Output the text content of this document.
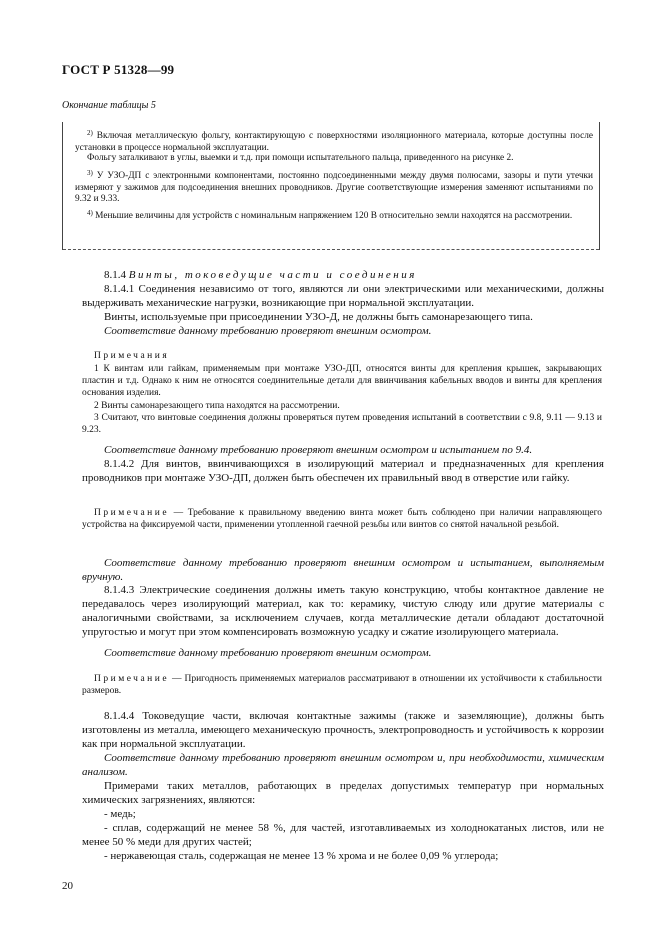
ГОСТ Р 51328—99
Окончание таблицы 5
$^{2)}$ Включая металлическую фольгу, контактирующую с поверхностями изоляционного материала, которые доступны после установки в процессе нормальной эксплуатации.
Фольгу заталкивают в углы, выемки и т.д. при помощи испытательного пальца, приведенного на рисунке 2.
$^{3)}$ У УЗО-ДП с электронными компонентами, постоянно подсоединенными между двумя полюсами, зазоры и пути утечки измеряют у зажимов для подсоединения внешних проводников. Другие соответствующие измерения заменяют испытаниями по 9.32 и 9.33.
$^{4)}$ Меньшие величины для устройств с номинальным напряжением 120 В относительно земли находятся на рассмотрении.
8.1.4 Винты, токоведущие части и соединения
8.1.4.1 Соединения независимо от того, являются ли они электрическими или механическими, должны выдерживать механические нагрузки, возникающие при нормальной эксплуатации.
Винты, используемые при присоединении УЗО-Д, не должны быть самонарезающего типа.
Соответствие данному требованию проверяют внешним осмотром.
Примечания
1 К винтам или гайкам, применяемым при монтаже УЗО-ДП, относятся винты для крепления крышек, закрывающих пластин и т.д. Однако к ним не относятся соединительные детали для ввинчивания кабельных вводов и винты для крепления основания изделия.
2 Винты самонарезающего типа находятся на рассмотрении.
3 Считают, что винтовые соединения должны проверяться путем проведения испытаний в соответствии с 9.8, 9.11 — 9.13 и 9.23.
Соответствие данному требованию проверяют внешним осмотром и испытанием по 9.4.
8.1.4.2 Для винтов, ввинчивающихся в изолирующий материал и предназначенных для крепления проводников при монтаже УЗО-ДП, должен быть обеспечен их правильный ввод в отверстие или гайку.
Примечание — Требование к правильному введению винта может быть соблюдено при наличии направляющего устройства на фиксируемой части, применении утопленной гаечной резьбы или винтов со снятой начальной резьбой.
Соответствие данному требованию проверяют внешним осмотром и испытанием, выполняемым вручную.
8.1.4.3 Электрические соединения должны иметь такую конструкцию, чтобы контактное давление не передавалось через изолирующий материал, как то: керамику, чистую слюду или другие материалы с аналогичными свойствами, за исключением случаев, когда металлические детали обладают достаточной упругостью и могут при этом компенсировать возможную усадку и сжатие изолирующего материала.
Соответствие данному требованию проверяют внешним осмотром.
Примечание — Пригодность применяемых материалов рассматривают в отношении их устойчивости к стабильности размеров.
8.1.4.4 Токоведущие части, включая контактные зажимы (также и заземляющие), должны быть изготовлены из металла, имеющего механическую прочность, электропроводность и устойчивость к коррозии как при нормальной эксплуатации.
Соответствие данному требованию проверяют внешним осмотром и, при необходимости, химическим анализом.
Примерами таких металлов, работающих в пределах допустимых температур при нормальных химических загрязнениях, являются:
- медь;
- сплав, содержащий не менее 58 %, для частей, изготавливаемых из холоднокатаных листов, или не менее 50 % меди для других частей;
- нержавеющая сталь, содержащая не менее 13 % хрома и не более 0,09 % углерода;
20
